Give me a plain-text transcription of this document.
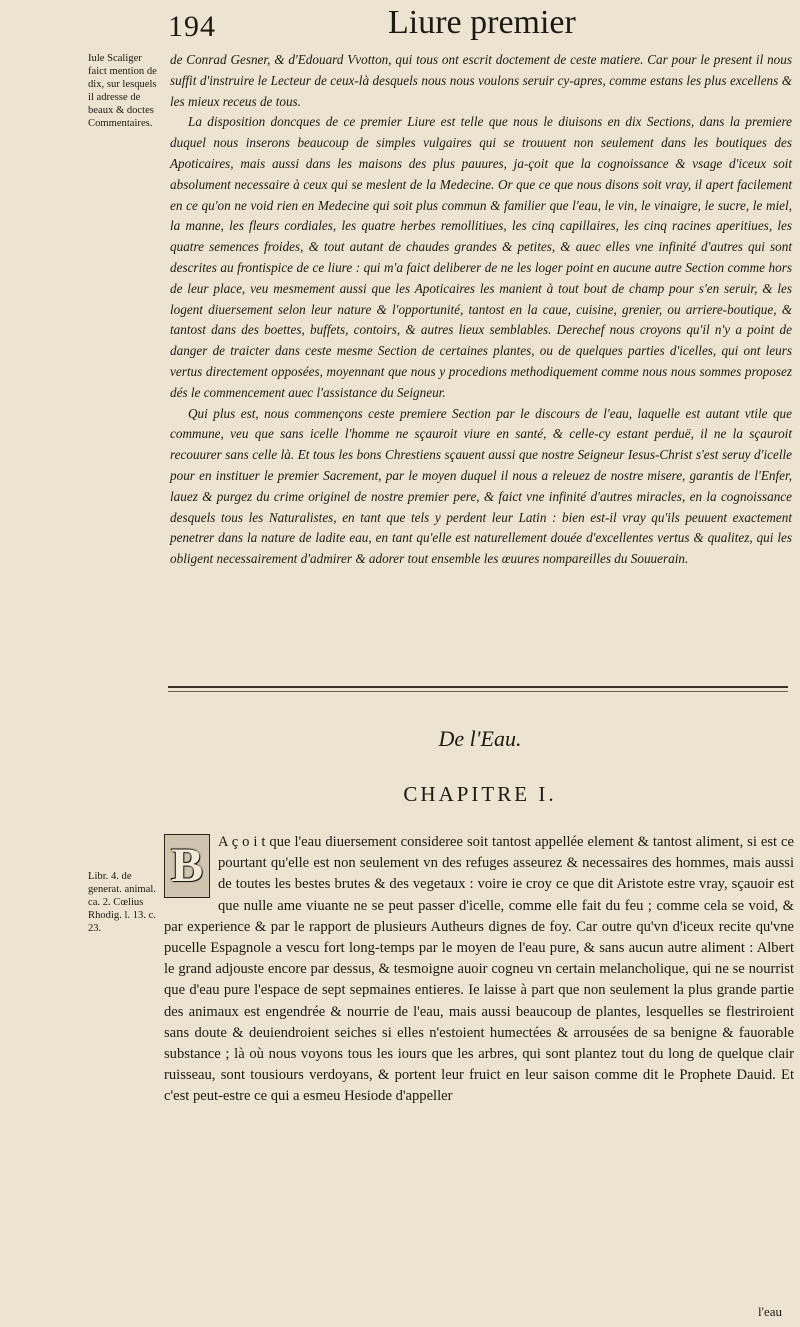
194	Liure premier
Iule Scaliger faict mention de dix, sur lesquels il adresse de beaux & doctes Commentaires.

de Conrad Gesner, & d'Edouard Vvotton, qui tous ont escrit doctement de ceste matiere. Car pour le present il nous suffit d'instruire le Lecteur de ceux-là desquels nous nous voulons seruir cy-apres, comme estans les plus excellens & les mieux receus de tous.

La disposition doncques de ce premier Liure est telle que nous le diuisons en dix Sections, dans la premiere duquel nous inserons beaucoup de simples vulgaires qui se trouuent non seulement dans les boutiques des Apoticaires, mais aussi dans les maisons des plus pauures, ja-çoit que la cognoissance & vsage d'iceux soit absolument necessaire à ceux qui se meslent de la Medecine. Or que ce que nous disons soit vray, il apert facilement en ce qu'on ne void rien en Medecine qui soit plus commun & familier que l'eau, le vin, le vinaigre, le sucre, le miel, la manne, les fleurs cordiales, les quatre herbes remollitiues, les cinq capillaires, les cinq racines aperitiues, les quatre semences froides, & tout autant de chaudes grandes & petites, & auec elles vne infinité d'autres qui sont descrites au frontispice de ce liure : qui m'a faict deliberer de ne les loger point en aucune autre Section comme hors de leur place, veu mesmement aussi que les Apoticaires les manient à tout bout de champ pour s'en seruir, & les logent diuersement selon leur nature & l'opportunité, tantost en la caue, cuisine, grenier, ou arriere-boutique, & tantost dans des boettes, buffets, contoirs, & autres lieux semblables. Derechef nous croyons qu'il n'y a point de danger de traicter dans ceste mesme Section de certaines plantes, ou de quelques parties d'icelles, qui ont leurs vertus directement opposées, moyennant que nous y procedions methodiquement comme nous nous sommes proposez dés le commencement auec l'assistance du Seigneur.

Qui plus est, nous commençons ceste premiere Section par le discours de l'eau, laquelle est autant vtile que commune, veu que sans icelle l'homme ne sçauroit viure en santé, & celle-cy estant perduë, il ne la sçauroit recouurer sans celle là. Et tous les bons Chrestiens sçauent aussi que nostre Seigneur Iesus-Christ s'est seruy d'icelle pour en instituer le premier Sacrement, par le moyen duquel il nous a releuez de nostre misere, garantis de l'Enfer, lauez & purgez du crime originel de nostre premier pere, & faict vne infinité d'autres miracles, en la cognoissance desquels tous les Naturalistes, en tant que tels y perdent leur Latin : bien est-il vray qu'ils peuuent exactement penetrer dans la nature de ladite eau, en tant qu'elle est naturellement douée d'excellentes vertus & qualitez, qui les obligent necessairement d'admirer & adorer tout ensemble les œuures nompareilles du Souuerain.

De l'Eau.
CHAPITRE I.
Libr. 4. de generat. animal. ca. 2. Cœlius Rhodig. l. 13. c. 23.
B	A ç o i t que l'eau diuersement consideree soit tantost appellée element & tantost aliment, si est ce pourtant qu'elle est non seulement vn des refuges asseurez & necessaires des hommes, mais aussi de toutes les bestes brutes & des vegetaux : voire ie croy ce que dit Aristote estre vray, sçauoir est que nulle ame viuante ne se peut passer d'icelle, comme elle fait du feu ; comme cela se void, & par experience & par le rapport de plusieurs Autheurs dignes de foy. Car outre qu'vn d'iceux recite qu'vne pucelle Espagnole a vescu fort long-temps par le moyen de l'eau pure, & sans aucun autre aliment : Albert le grand adjouste encore par dessus, & tesmoigne auoir cogneu vn certain melancholique, qui ne se nourrist que d'eau pure l'espace de sept sepmaines entieres. Ie laisse à part que non seulement la plus grande partie des animaux est engendrée & nourrie de l'eau, mais aussi beaucoup de plantes, lesquelles se flestriroient sans doute & deuiendroient seiches si elles n'estoient humectées & arrousées de sa benigne & fauorable substance ; là où nous voyons tous les iours que les arbres, qui sont plantez tout du long de quelque clair ruisseau, sont tousiours verdoyans, & portent leur fruict en leur saison comme dit le Prophete Dauid. Et c'est peut-estre ce qui a esmeu Hesiode d'appeller

l'eau
